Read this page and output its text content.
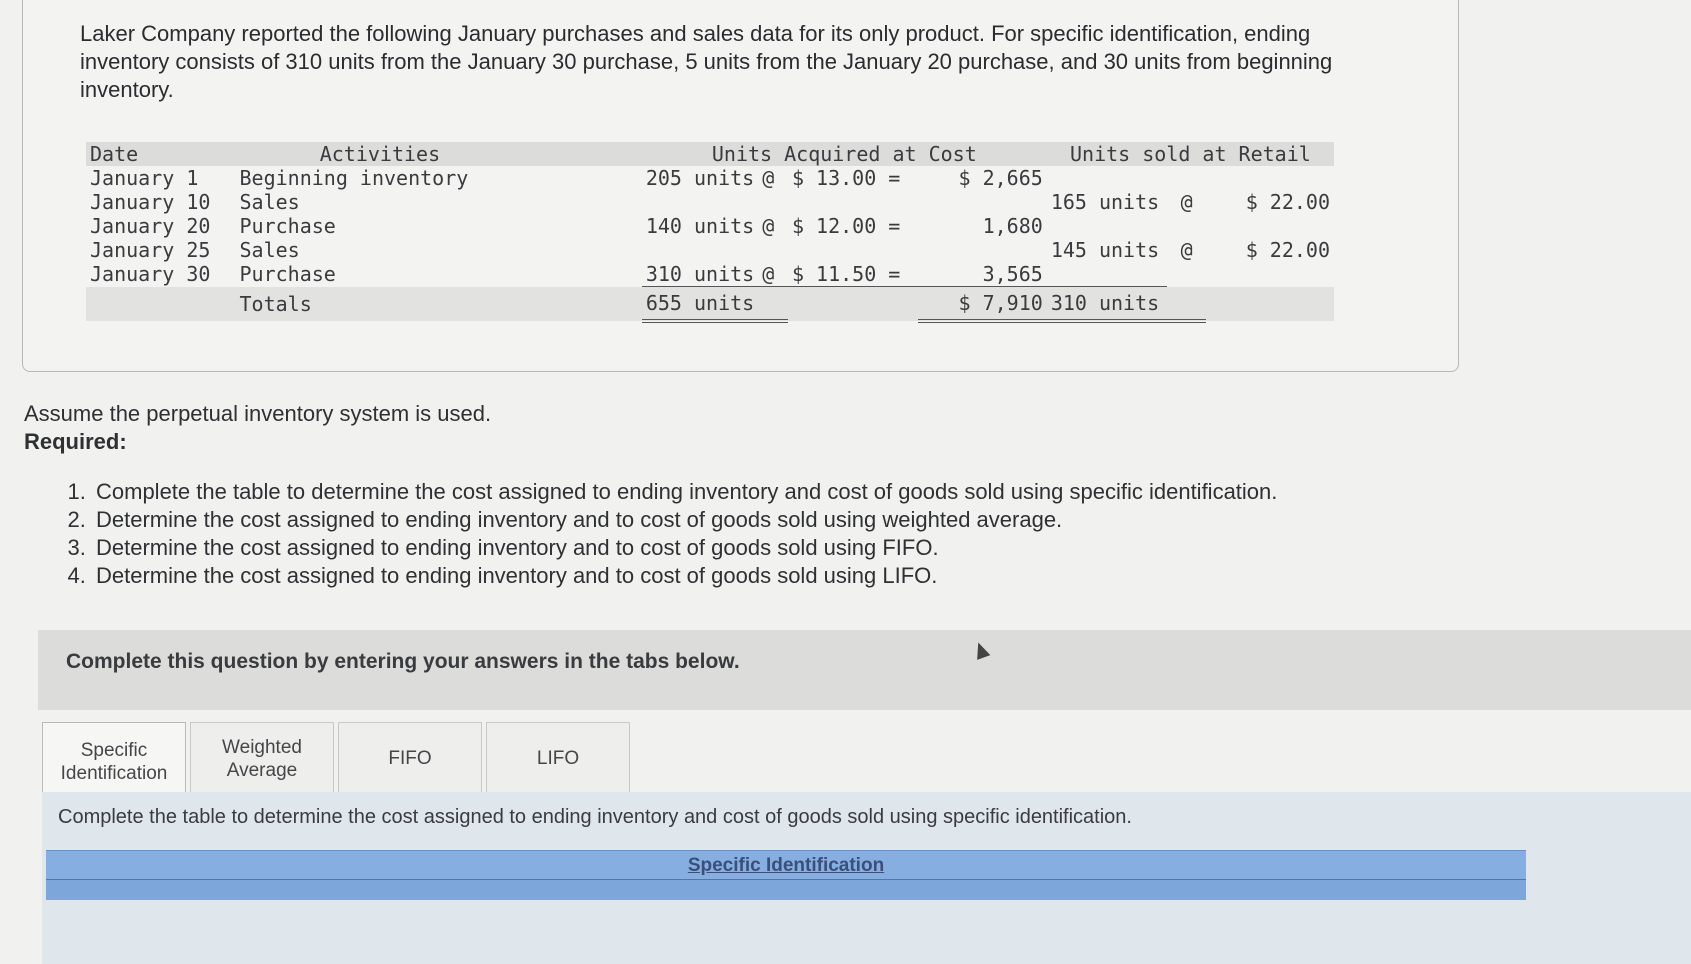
Laker Company reported the following January purchases and sales data for its only product. For specific identification, ending inventory consists of 310 units from the January 30 purchase, 5 units from the January 20 purchase, and 30 units from beginning inventory.
Date	Activities		Units Acquired at Cost				Units sold at Retail		
January 1	Beginning inventory		205 units	@	$ 13.00 =	$ 2,665			
January 10	Sales						165 units	@	$ 22.00
January 20	Purchase		140 units	@	$ 12.00 =	1,680			
January 25	Sales						145 units	@	$ 22.00
January 30	Purchase		310 units	@	$ 11.50 =	3,565			
	Totals		655 units			$ 7,910	310 units		
Assume the perpetual inventory system is used.
Required:
1. Complete the table to determine the cost assigned to ending inventory and cost of goods sold using specific identification.
2. Determine the cost assigned to ending inventory and to cost of goods sold using weighted average.
3. Determine the cost assigned to ending inventory and to cost of goods sold using FIFO.
4. Determine the cost assigned to ending inventory and to cost of goods sold using LIFO.
Complete this question by entering your answers in the tabs below.
Specific Identification
Weighted Average
FIFO	LIFO
Complete the table to determine the cost assigned to ending inventory and cost of goods sold using specific identification.
Specific Identification
